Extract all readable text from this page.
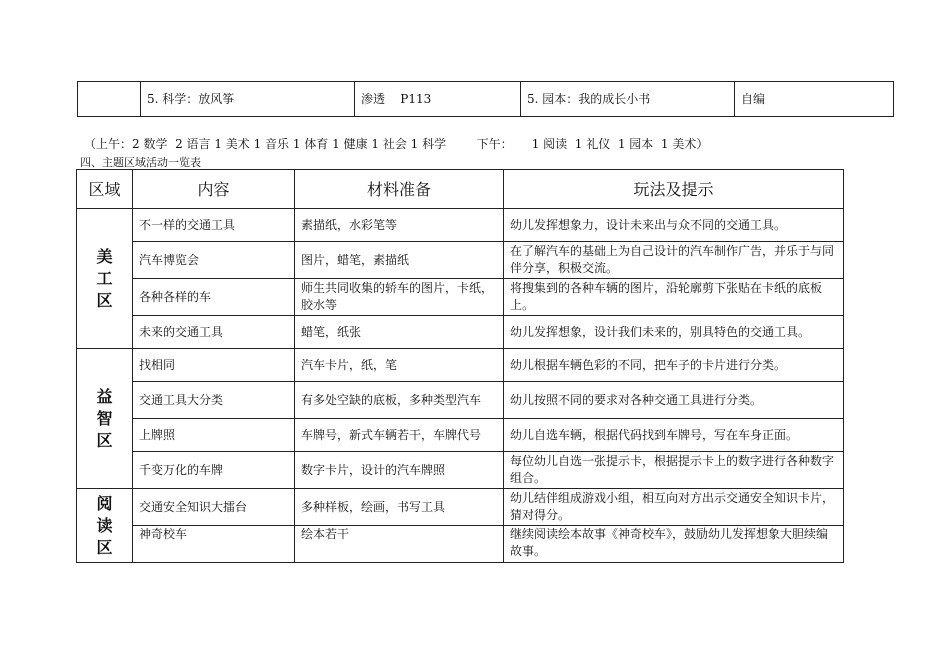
	5. 科学：放风筝	渗透    P113	5. 园本：我的成长小书	自编
（上午：2 数学  2 语言 1 美术 1 音乐 1 体育 1 健康 1 社会 1 科学        下午：     1 阅读  1 礼仪  1 园本  1 美术）
四、主题区域活动一览表
区域	内容	材料准备	玩法及提示

美
工
区	不一样的交通工具	素描纸，水彩笔等	幼儿发挥想象力，设计未来出与众不同的交通工具。
	汽车博览会	图片，蜡笔，素描纸	在了解汽车的基础上为自己设计的汽车制作广告，并乐于与同伴分享，积极交流。
	各种各样的车	师生共同收集的轿车的图片，卡纸，胶水等	将搜集到的各种车辆的图片，沿轮廓剪下张贴在卡纸的底板上。
	未来的交通工具	蜡笔，纸张	幼儿发挥想象，设计我们未来的，别具特色的交通工具。

益
智
区	找相同	汽车卡片，纸，笔	幼儿根据车辆色彩的不同，把车子的卡片进行分类。
	交通工具大分类	有多处空缺的底板，多种类型汽车	幼儿按照不同的要求对各种交通工具进行分类。
	上牌照	车牌号，新式车辆若干，车牌代号	幼儿自选车辆，根据代码找到车牌号，写在车身正面。
	千变万化的车牌	数字卡片，设计的汽车牌照	每位幼儿自选一张提示卡，根据提示卡上的数字进行各种数字组合。

阅
读
区	交通安全知识大擂台	多种样板，绘画，书写工具	幼儿结伴组成游戏小组，相互向对方出示交通安全知识卡片，猜对得分。
	神奇校车	绘本若干	继续阅读绘本故事《神奇校车》，鼓励幼儿发挥想象大胆续编故事。
